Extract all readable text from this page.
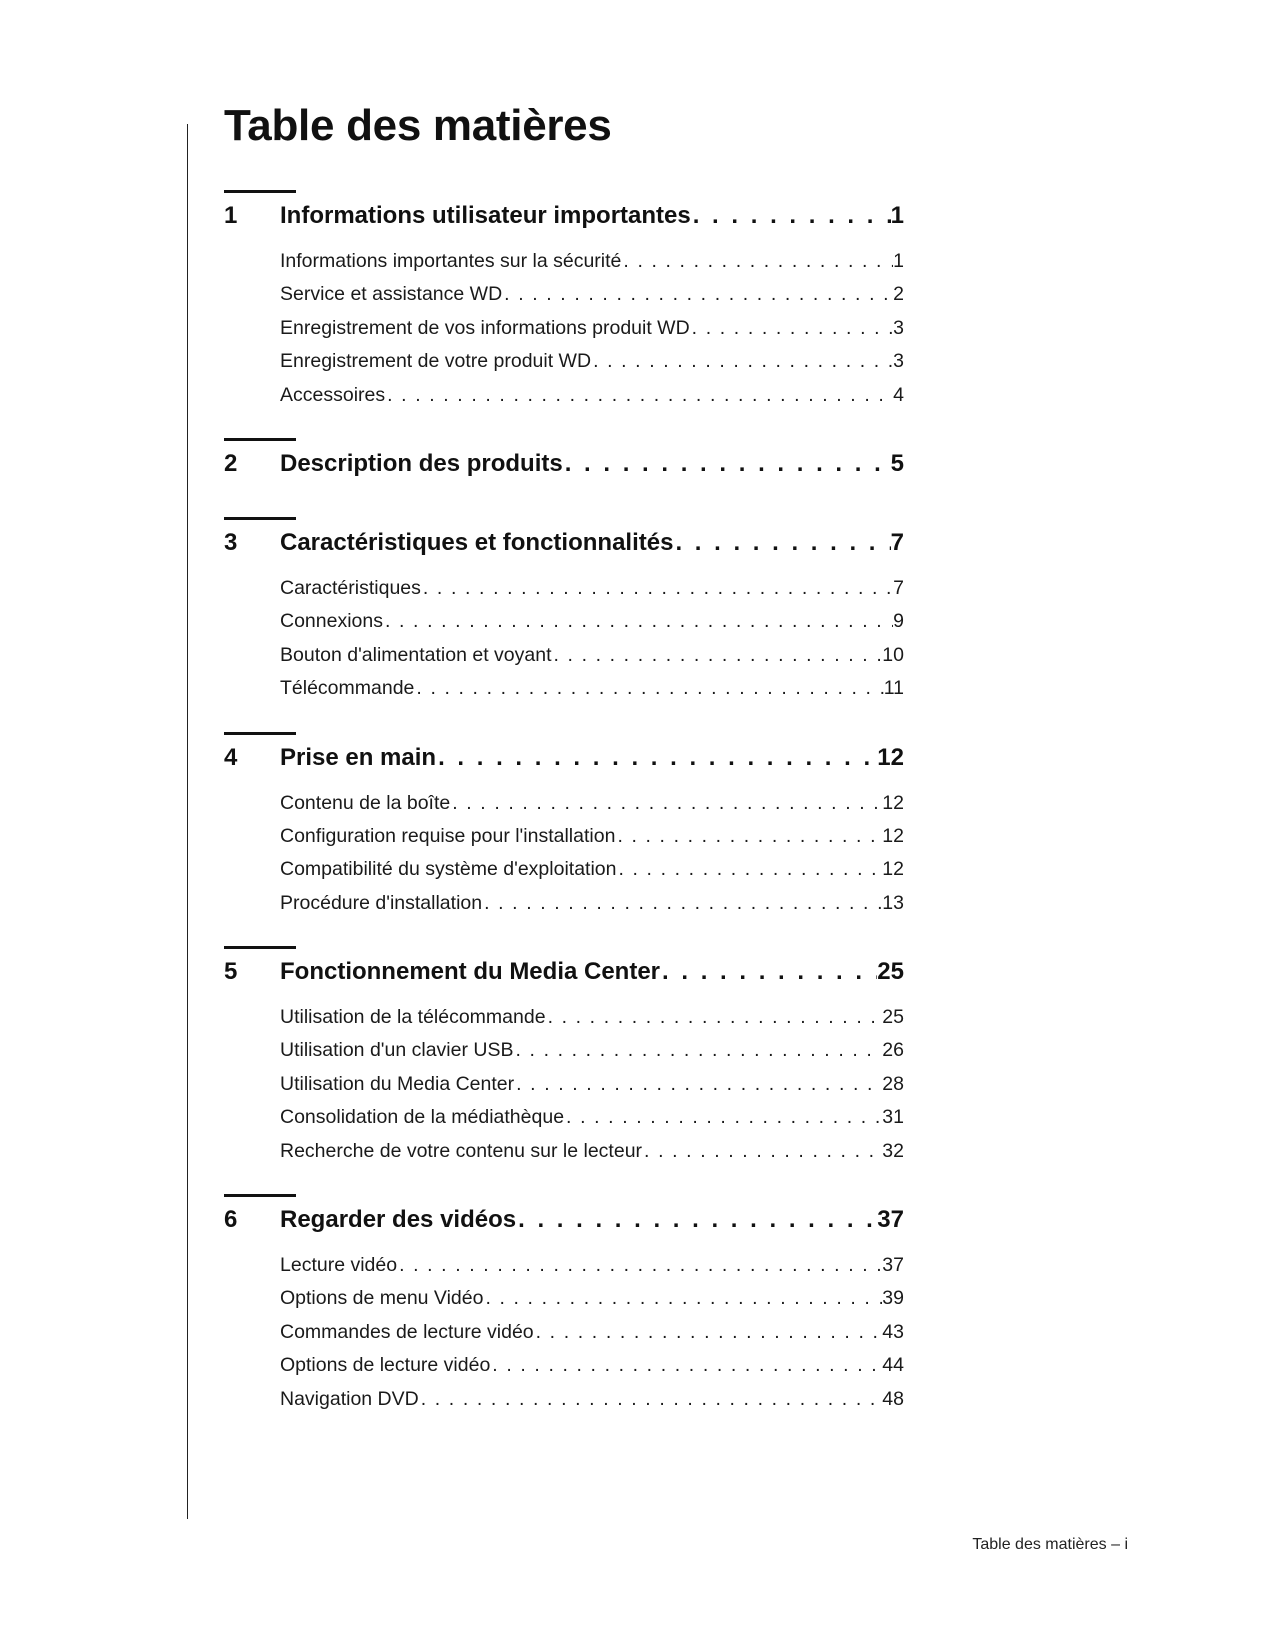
Table des matières
1	Informations utilisateur importantes . . .	1
Informations importantes sur la sécurité . . .	1
Service et assistance WD . . .	2
Enregistrement de vos informations produit WD . . .	3
Enregistrement de votre produit WD . . .	3
Accessoires . . .	4
2	Description des produits . . .	5
3	Caractéristiques et fonctionnalités . . .	7
Caractéristiques . . .	7
Connexions . . .	9
Bouton d'alimentation et voyant . . .	10
Télécommande . . .	11
4	Prise en main . . .	12
Contenu de la boîte . . .	12
Configuration requise pour l'installation . . .	12
Compatibilité du système d'exploitation . . .	12
Procédure d'installation . . .	13
5	Fonctionnement du Media Center . . .	25
Utilisation de la télécommande . . .	25
Utilisation d'un clavier USB . . .	26
Utilisation du Media Center . . .	28
Consolidation de la médiathèque . . .	31
Recherche de votre contenu sur le lecteur . . .	32
6	Regarder des vidéos . . .	37
Lecture vidéo . . .	37
Options de menu Vidéo . . .	39
Commandes de lecture vidéo . . .	43
Options de lecture vidéo . . .	44
Navigation DVD . . .	48
Table des matières – i
